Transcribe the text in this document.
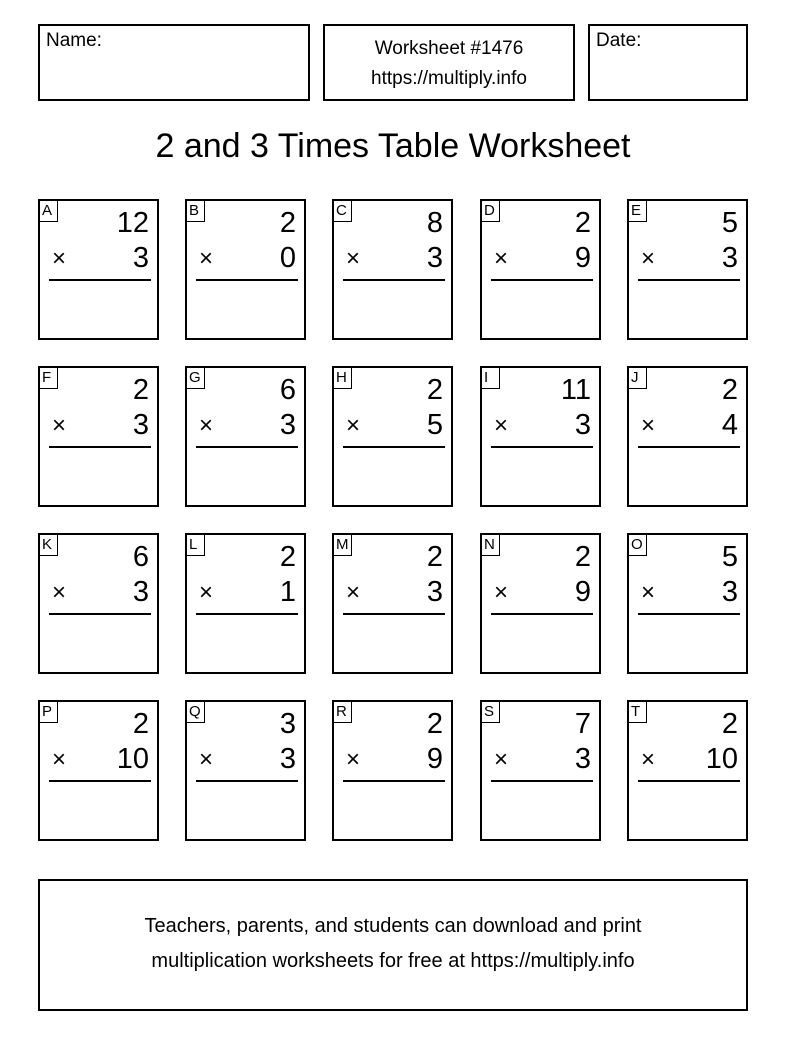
Name:	Worksheet #1476
https://multiply.info
Date:
2 and 3 Times Table Worksheet
A 12
× 3
B	2
× 0
C	8
× 3
D	2
× 9
E	5
× 3
F	2
× 3
G	6
× 3
H	2
× 5
I	11
× 3
J	2
× 4
K	6
× 3
L	2
× 1
M	2
× 3
N	2
× 9
O	5
× 3
P	2
× 10
Q	3
× 3
R	2
× 9
S	7
× 3
T	2
× 10
Teachers, parents, and students can download and print
multiplication worksheets for free at https://multiply.info
